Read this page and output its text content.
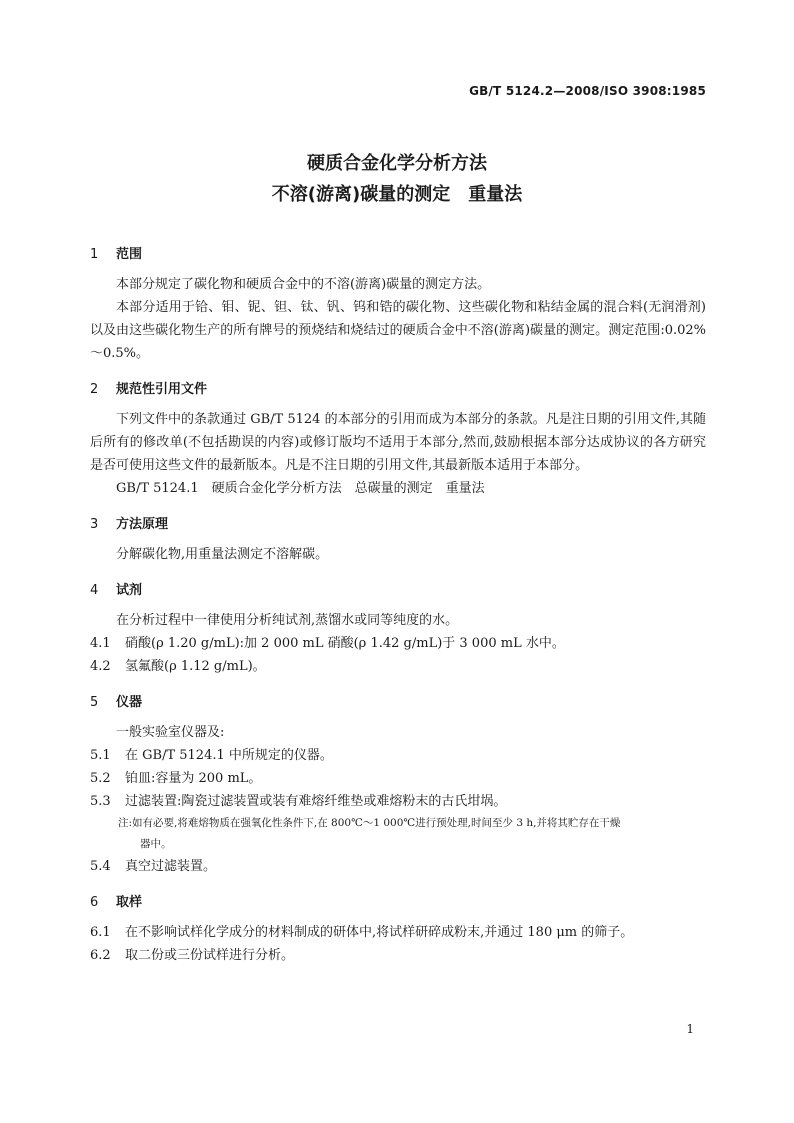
GB/T 5124.2—2008/ISO 3908:1985
硬质合金化学分析方法
不溶(游离)碳量的测定　重量法
1 范围

本部分规定了碳化物和硬质合金中的不溶(游离)碳量的测定方法。

本部分适用于铪、钼、铌、钽、钛、钒、钨和锆的碳化物、这些碳化物和粘结金属的混合料(无润滑剂)以及由这些碳化物生产的所有牌号的预烧结和烧结过的硬质合金中不溶(游离)碳量的测定。测定范围:0.02%～0.5%。

2 规范性引用文件

下列文件中的条款通过 GB/T 5124 的本部分的引用而成为本部分的条款。凡是注日期的引用文件,其随后所有的修改单(不包括勘误的内容)或修订版均不适用于本部分,然而,鼓励根据本部分达成协议的各方研究是否可使用这些文件的最新版本。凡是不注日期的引用文件,其最新版本适用于本部分。

GB/T 5124.1　硬质合金化学分析方法　总碳量的测定　重量法

3 方法原理

分解碳化物,用重量法测定不溶解碳。

4 试剂

在分析过程中一律使用分析纯试剂,蒸馏水或同等纯度的水。

4.1 硝酸(ρ 1.20 g/mL):加 2 000 mL 硝酸(ρ 1.42 g/mL)于 3 000 mL 水中。

4.2 氢氟酸(ρ 1.12 g/mL)。

5 仪器

一般实验室仪器及:

5.1 在 GB/T 5124.1 中所规定的仪器。

5.2 铂皿:容量为 200 mL。

5.3 过滤装置:陶瓷过滤装置或装有难熔纤维垫或难熔粉末的古氏坩埚。

注:如有必要,将难熔物质在强氧化性条件下,在 800℃～1 000℃进行预处理,时间至少 3 h,并将其贮存在干燥
器中。

5.4 真空过滤装置。

6 取样

6.1 在不影响试样化学成分的材料制成的研体中,将试样研碎成粉末,并通过 180 μm 的筛子。

6.2 取二份或三份试样进行分析。

1
